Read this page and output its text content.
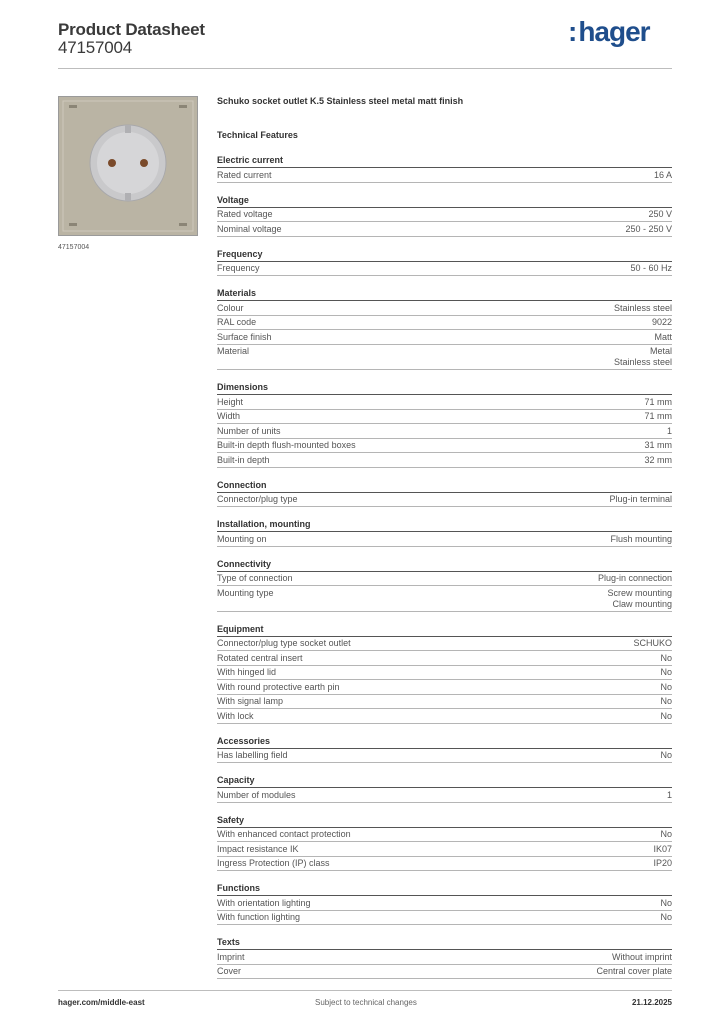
Product Datasheet
47157004
:hager
47157004
Schuko socket outlet K.5 Stainless steel metal matt finish
Technical Features
Electric current
Rated current	16 A
Voltage
Rated voltage	250 V
Nominal voltage	250 - 250 V
Frequency
Frequency	50 - 60 Hz
Materials
Colour	Stainless steel
RAL code	9022
Surface finish	Matt
Material	Metal
Stainless steel
Dimensions
Height	71 mm
Width	71 mm
Number of units	1
Built-in depth flush-mounted boxes	31 mm
Built-in depth	32 mm
Connection
Connector/plug type	Plug-in terminal
Installation, mounting
Mounting on	Flush mounting
Connectivity
Type of connection	Plug-in connection
Mounting type	Screw mounting
Claw mounting
Equipment
Connector/plug type socket outlet	SCHUKO
Rotated central insert	No
With hinged lid	No
With round protective earth pin	No
With signal lamp	No
With lock	No
Accessories
Has labelling field	No
Capacity
Number of modules	1
Safety
With enhanced contact protection	No
Impact resistance IK	IK07
Ingress Protection (IP) class	IP20
Functions
With orientation lighting	No
With function lighting	No
Texts
Imprint	Without imprint
Cover	Central cover plate
hager.com/middle-east	Subject to technical changes	21.12.2025
